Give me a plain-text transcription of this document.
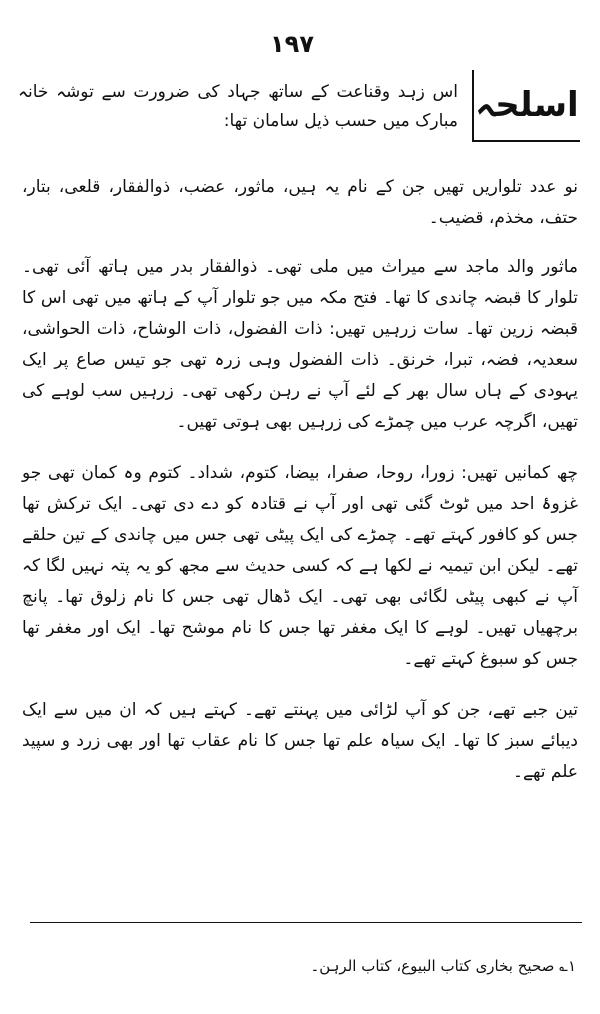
۱۹۷
اسلحہ

اس زہد وقناعت کے ساتھ جہاد کی ضرورت سے توشہ خانہ مبارک میں حسب ذیل سامان تھا:

نو عدد تلواریں تھیں جن کے نام یہ ہیں، ماثور، عضب، ذوالفقار، قلعی، بتار، حتف، مخذم، قضیب۔

ماثور والد ماجد سے میراث میں ملی تھی۔ ذوالفقار بدر میں ہاتھ آئی تھی۔ تلوار کا قبضہ چاندی کا تھا۔ فتح مکہ میں جو تلوار آپ کے ہاتھ میں تھی اس کا قبضہ زرین تھا۔ سات زرہیں تھیں: ذات الفضول، ذات الوشاح، ذات الحواشی، سعدیہ، فضہ، تبرا، خرنق۔ ذات الفضول وہی زرہ تھی جو تیس صاع پر ایک یہودی کے ہاں سال بھر کے لئے آپ نے رہن رکھی تھی۔ زرہیں سب لوہے کی تھیں، اگرچہ عرب میں چمڑے کی زرہیں بھی ہوتی تھیں۔

چھ کمانیں تھیں: زورا، روحا، صفرا، بیضا، کتوم، شداد۔ کتوم وہ کمان تھی جو غزوۂ احد میں ٹوٹ گئی تھی اور آپ نے قتادہ کو دے دی تھی۔ ایک ترکش تھا جس کو کافور کہتے تھے۔ چمڑے کی ایک پیٹی تھی جس میں چاندی کے تین حلقے تھے۔ لیکن ابن تیمیہ نے لکھا ہے کہ کسی حدیث سے مجھ کو یہ پتہ نہیں لگا کہ آپ نے کبھی پیٹی لگائی بھی تھی۔ ایک ڈھال تھی جس کا نام زلوق تھا۔ پانچ برچھیاں تھیں۔ لوہے کا ایک مغفر تھا جس کا نام موشح تھا۔ ایک اور مغفر تھا جس کو سبوغ کہتے تھے۔

تین جبے تھے، جن کو آپ لڑائی میں پہنتے تھے۔ کہتے ہیں کہ ان میں سے ایک دیبائے سبز کا تھا۔ ایک سیاہ علم تھا جس کا نام عقاب تھا اور بھی زرد و سپید علم تھے۔

۱؎ صحیح بخاری کتاب البیوع، کتاب الرہن۔
